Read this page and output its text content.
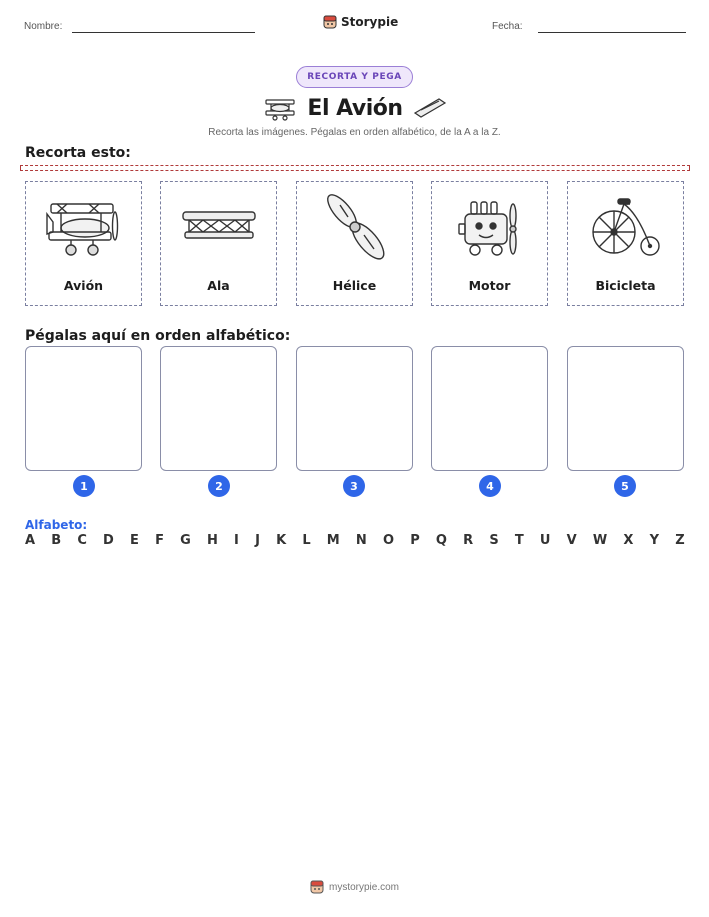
Nombre:	Storypie	Fecha:
RECORTA Y PEGA
El Avión
Recorta las imágenes. Pégalas en orden alfabético, de la A a la Z.
Recorta esto:
Avión	Ala	Hélice	Motor	Bicicleta
Pégalas aquí en orden alfabético:
1	2	3	4	5
Alfabeto:
A B C D E F G H I J K L M N O P Q R S T U V W X Y Z
mystorypie.com
